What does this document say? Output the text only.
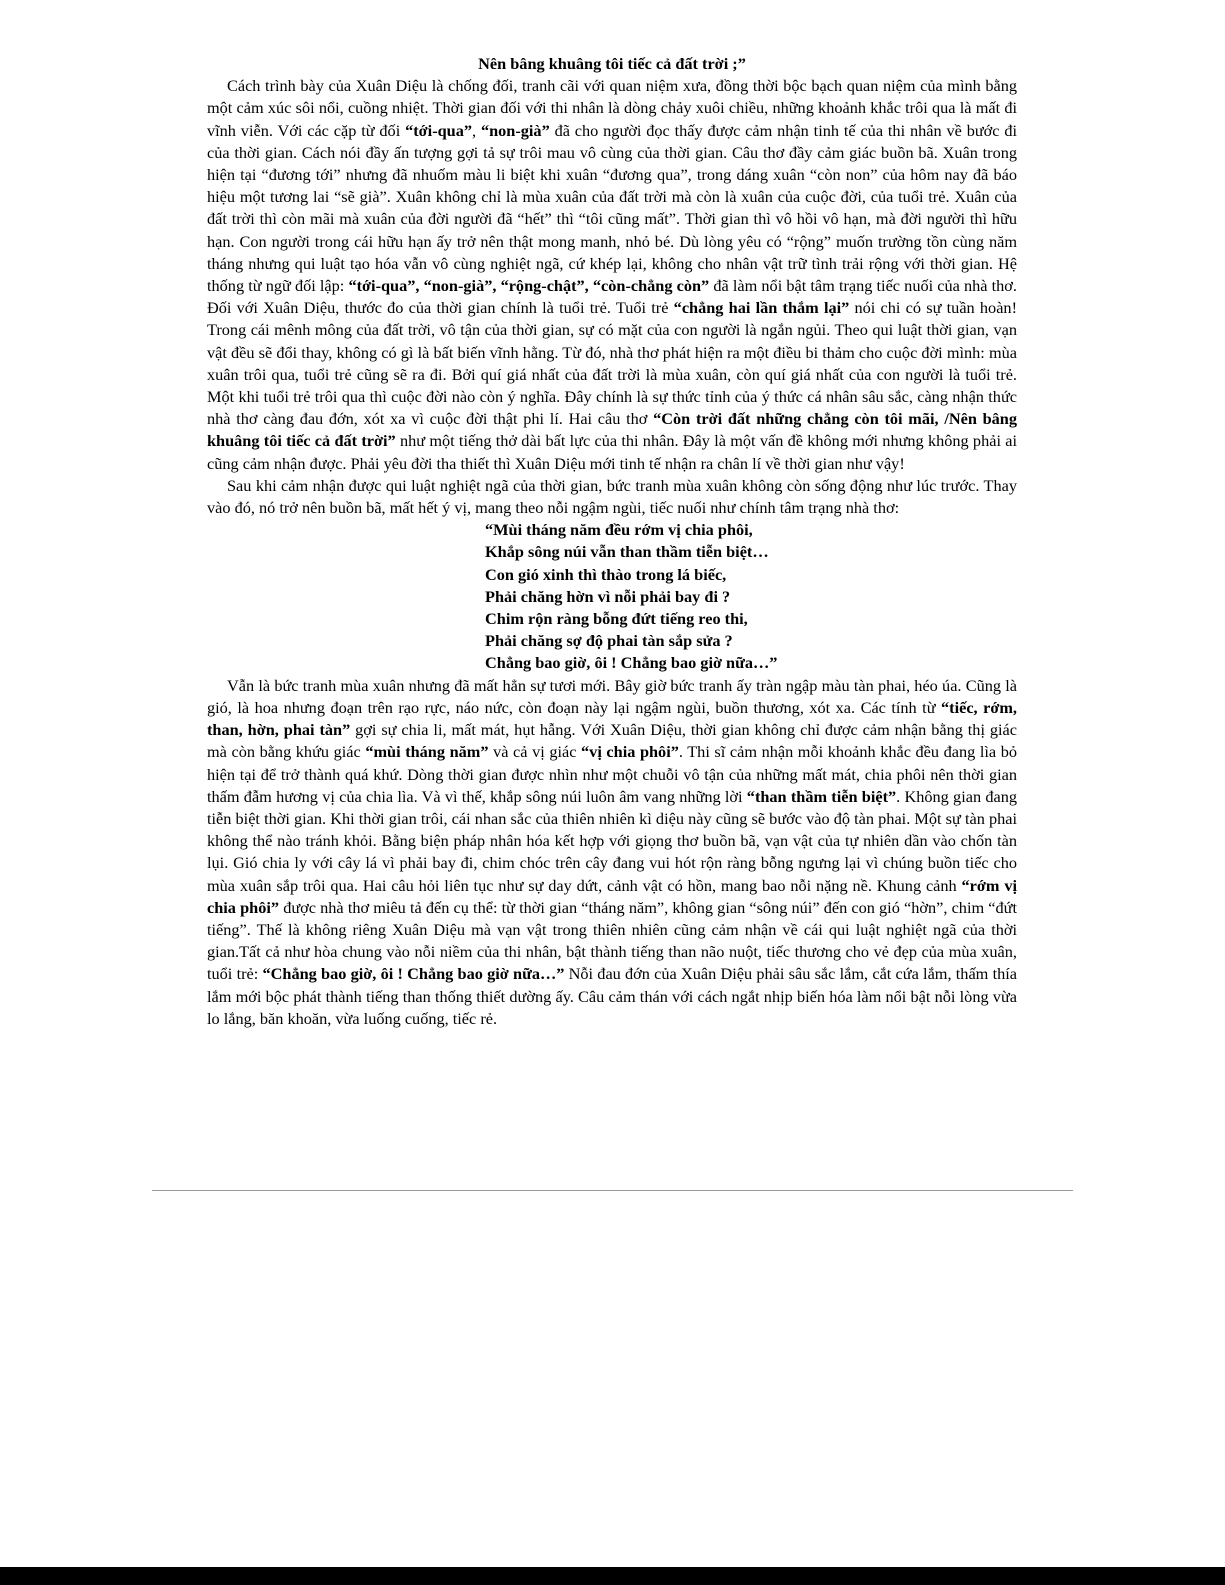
Nên bâng khuâng tôi tiếc cả đất trời ;”

Cách trình bày của Xuân Diệu là chống đối, tranh cãi với quan niệm xưa, đồng thời bộc bạch quan niệm của mình bằng một cảm xúc sôi nổi, cuồng nhiệt. Thời gian đối với thi nhân là dòng chảy xuôi chiều, những khoảnh khắc trôi qua là mất đi vĩnh viễn. Với các cặp từ đối “tới-qua”, “non-già” đã cho người đọc thấy được cảm nhận tinh tế của thi nhân về bước đi của thời gian. Cách nói đầy ấn tượng gợi tả sự trôi mau vô cùng của thời gian. Câu thơ đầy cảm giác buồn bã. Xuân trong hiện tại “đương tới” nhưng đã nhuốm màu li biệt khi xuân “đương qua”, trong dáng xuân “còn non” của hôm nay đã báo hiệu một tương lai “sẽ già”. Xuân không chỉ là mùa xuân của đất trời mà còn là xuân của cuộc đời, của tuổi trẻ. Xuân của đất trời thì còn mãi mà xuân của đời người đã “hết” thì “tôi cũng mất”. Thời gian thì vô hồi vô hạn, mà đời người thì hữu hạn. Con người trong cái hữu hạn ấy trở nên thật mong manh, nhỏ bé. Dù lòng yêu có “rộng” muốn trường tồn cùng năm tháng nhưng qui luật tạo hóa vẫn vô cùng nghiệt ngã, cứ khép lại, không cho nhân vật trữ tình trải rộng với thời gian. Hệ thống từ ngữ đối lập: “tới-qua”, “non-già”, “rộng-chật”, “còn-chẳng còn” đã làm nổi bật tâm trạng tiếc nuối của nhà thơ. Đối với Xuân Diệu, thước đo của thời gian chính là tuổi trẻ. Tuổi trẻ “chẳng hai lần thắm lại” nói chi có sự tuần hoàn! Trong cái mênh mông của đất trời, vô tận của thời gian, sự có mặt của con người là ngắn ngủi. Theo qui luật thời gian, vạn vật đều sẽ đổi thay, không có gì là bất biến vĩnh hằng. Từ đó, nhà thơ phát hiện ra một điều bi thảm cho cuộc đời mình: mùa xuân trôi qua, tuổi trẻ cũng sẽ ra đi. Bởi quí giá nhất của đất trời là mùa xuân, còn quí giá nhất của con người là tuổi trẻ. Một khi tuổi trẻ trôi qua thì cuộc đời nào còn ý nghĩa. Đây chính là sự thức tỉnh của ý thức cá nhân sâu sắc, càng nhận thức nhà thơ càng đau đớn, xót xa vì cuộc đời thật phi lí. Hai câu thơ “Còn trời đất những chẳng còn tôi mãi, /Nên bâng khuâng tôi tiếc cả đất trời” như một tiếng thở dài bất lực của thi nhân. Đây là một vấn đề không mới nhưng không phải ai cũng cảm nhận được. Phải yêu đời tha thiết thì Xuân Diệu mới tinh tế nhận ra chân lí về thời gian như vậy!

Sau khi cảm nhận được qui luật nghiệt ngã của thời gian, bức tranh mùa xuân không còn sống động như lúc trước. Thay vào đó, nó trở nên buồn bã, mất hết ý vị, mang theo nỗi ngậm ngùi, tiếc nuối như chính tâm trạng nhà thơ:

“Mùi tháng năm đều rớm vị chia phôi,
Khắp sông núi vẫn than thầm tiễn biệt…
Con gió xinh thì thào trong lá biếc,
Phải chăng hờn vì nỗi phải bay đi ?
Chim rộn ràng bỗng đứt tiếng reo thi,
Phải chăng sợ độ phai tàn sắp sửa ?
Chẳng bao giờ, ôi ! Chẳng bao giờ nữa…”

Vẫn là bức tranh mùa xuân nhưng đã mất hẳn sự tươi mới. Bây giờ bức tranh ấy tràn ngập màu tàn phai, héo úa. Cũng là gió, là hoa nhưng đoạn trên rạo rực, náo nức, còn đoạn này lại ngậm ngùi, buồn thương, xót xa. Các tính từ “tiếc, rớm, than, hờn, phai tàn” gợi sự chia li, mất mát, hụt hẫng. Với Xuân Diệu, thời gian không chỉ được cảm nhận bằng thị giác mà còn bằng khứu giác “mùi tháng năm” và cả vị giác “vị chia phôi”. Thi sĩ cảm nhận mỗi khoảnh khắc đều đang lìa bỏ hiện tại để trở thành quá khứ. Dòng thời gian được nhìn như một chuỗi vô tận của những mất mát, chia phôi nên thời gian thấm đẫm hương vị của chia lìa. Và vì thế, khắp sông núi luôn âm vang những lời “than thầm tiễn biệt”. Không gian đang tiễn biệt thời gian. Khi thời gian trôi, cái nhan sắc của thiên nhiên kì diệu này cũng sẽ bước vào độ tàn phai. Một sự tàn phai không thể nào tránh khỏi. Bằng biện pháp nhân hóa kết hợp với giọng thơ buồn bã, vạn vật của tự nhiên dần vào chốn tàn lụi. Gió chia ly với cây lá vì phải bay đi, chim chóc trên cây đang vui hót rộn ràng bỗng ngưng lại vì chúng buồn tiếc cho mùa xuân sắp trôi qua. Hai câu hỏi liên tục như sự day dứt, cảnh vật có hồn, mang bao nỗi nặng nề. Khung cảnh “rớm vị chia phôi” được nhà thơ miêu tả đến cụ thể: từ thời gian “tháng năm”, không gian “sông núi” đến con gió “hờn”, chim “đứt tiếng”. Thế là không riêng Xuân Diệu mà vạn vật trong thiên nhiên cũng cảm nhận về cái qui luật nghiệt ngã của thời gian.Tất cả như hòa chung vào nỗi niềm của thi nhân, bật thành tiếng than não nuột, tiếc thương cho vẻ đẹp của mùa xuân, tuổi trẻ: “Chẳng bao giờ, ôi ! Chẳng bao giờ nữa…” Nỗi đau đớn của Xuân Diệu phải sâu sắc lắm, cắt cứa lắm, thấm thía lắm mới bộc phát thành tiếng than thống thiết dường ấy. Câu cảm thán với cách ngắt nhịp biến hóa làm nổi bật nỗi lòng vừa lo lắng, băn khoăn, vừa luống cuống, tiếc rẻ.
